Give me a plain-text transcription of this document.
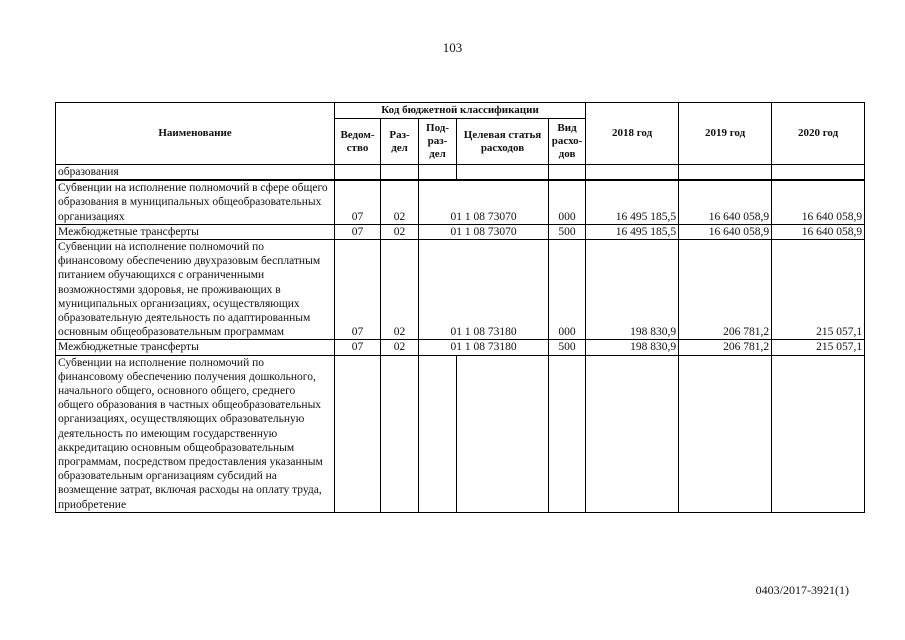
103
Наименование	Код бюджетной классификации					2018 год	2019 год	2020 год
	Ведом-ство	Раз-дел	Под-раз-дел	Целевая статья расходов	Вид расхо-дов			
образования								
Субвенции на исполнение полномочий в сфере общего образования в муниципальных общеобразовательных организациях	07	02	01 1 08 73070		000	16 495 185,5	16 640 058,9	16 640 058,9
Межбюджетные трансферты	07	02	01 1 08 73070		500	16 495 185,5	16 640 058,9	16 640 058,9
Субвенции на исполнение полномочий по финансовому обеспечению двухразовым бесплатным питанием обучающихся с ограниченными возможностями здоровья, не проживающих в муниципальных организациях, осуществляющих образовательную деятельность по адаптированным основным общеобразовательным программам	07	02	01 1 08 73180		000	198 830,9	206 781,2	215 057,1
Межбюджетные трансферты	07	02	01 1 08 73180		500	198 830,9	206 781,2	215 057,1
Субвенции на исполнение полномочий по финансовому обеспечению получения дошкольного, начального общего, основного общего, среднего общего образования в частных общеобразовательных организациях, осуществляющих образовательную деятельность по имеющим государственную аккредитацию основным общеобразовательным программам, посредством предоставления указанным образовательным организациям субсидий на возмещение затрат, включая расходы на оплату труда, приобретение								
0403/2017-3921(1)
